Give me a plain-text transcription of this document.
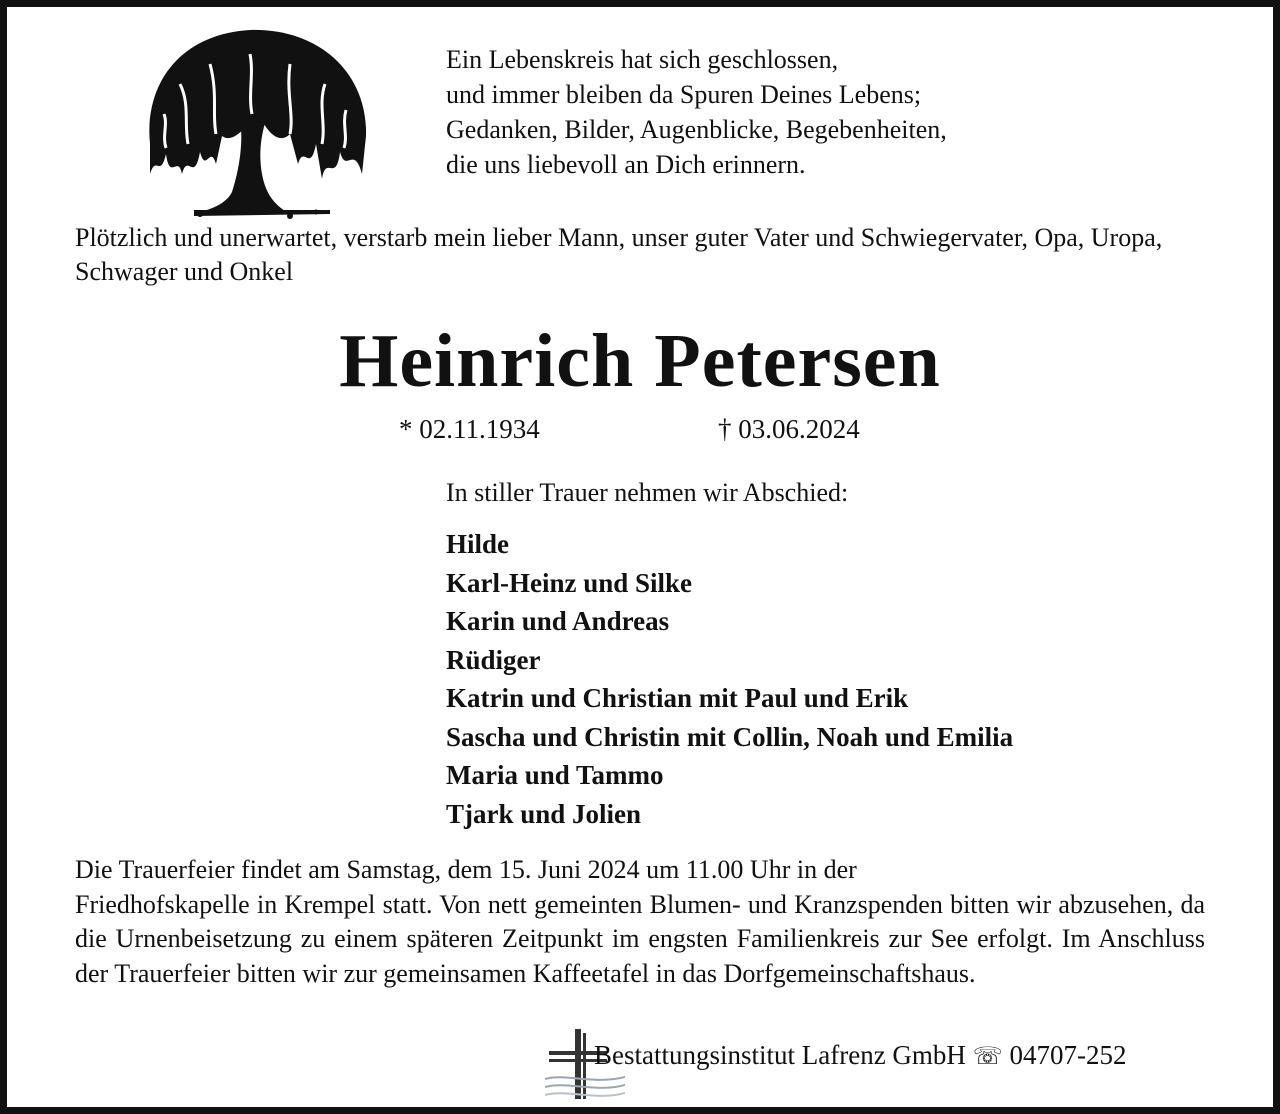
Ein Lebenskreis hat sich geschlossen,
und immer bleiben da Spuren Deines Lebens;
Gedanken, Bilder, Augenblicke, Begebenheiten,
die uns liebevoll an Dich erinnern.
Plötzlich und unerwartet, verstarb mein lieber Mann, unser guter Vater und Schwiegervater, Opa, Uropa, Schwager und Onkel
Heinrich Petersen
* 02.11.1934	† 03.06.2024
In stiller Trauer nehmen wir Abschied:
Hilde
Karl-Heinz und Silke
Karin und Andreas
Rüdiger
Katrin und Christian mit Paul und Erik
Sascha und Christin mit Collin, Noah und Emilia
Maria und Tammo
Tjark und Jolien

Die Trauerfeier findet am Samstag, dem 15. Juni 2024 um 11.00 Uhr in der

Friedhofskapelle in Krempel statt. Von nett gemeinten Blumen- und Kranzspenden bitten wir abzusehen, da die Urnenbeisetzung zu einem späteren Zeitpunkt im engsten Familienkreis zur See erfolgt. Im Anschluss der Trauerfeier bitten wir zur gemeinsamen Kaffeetafel in das Dorfgemeinschaftshaus.

Bestattungsinstitut Lafrenz GmbH ☏ 04707-252
